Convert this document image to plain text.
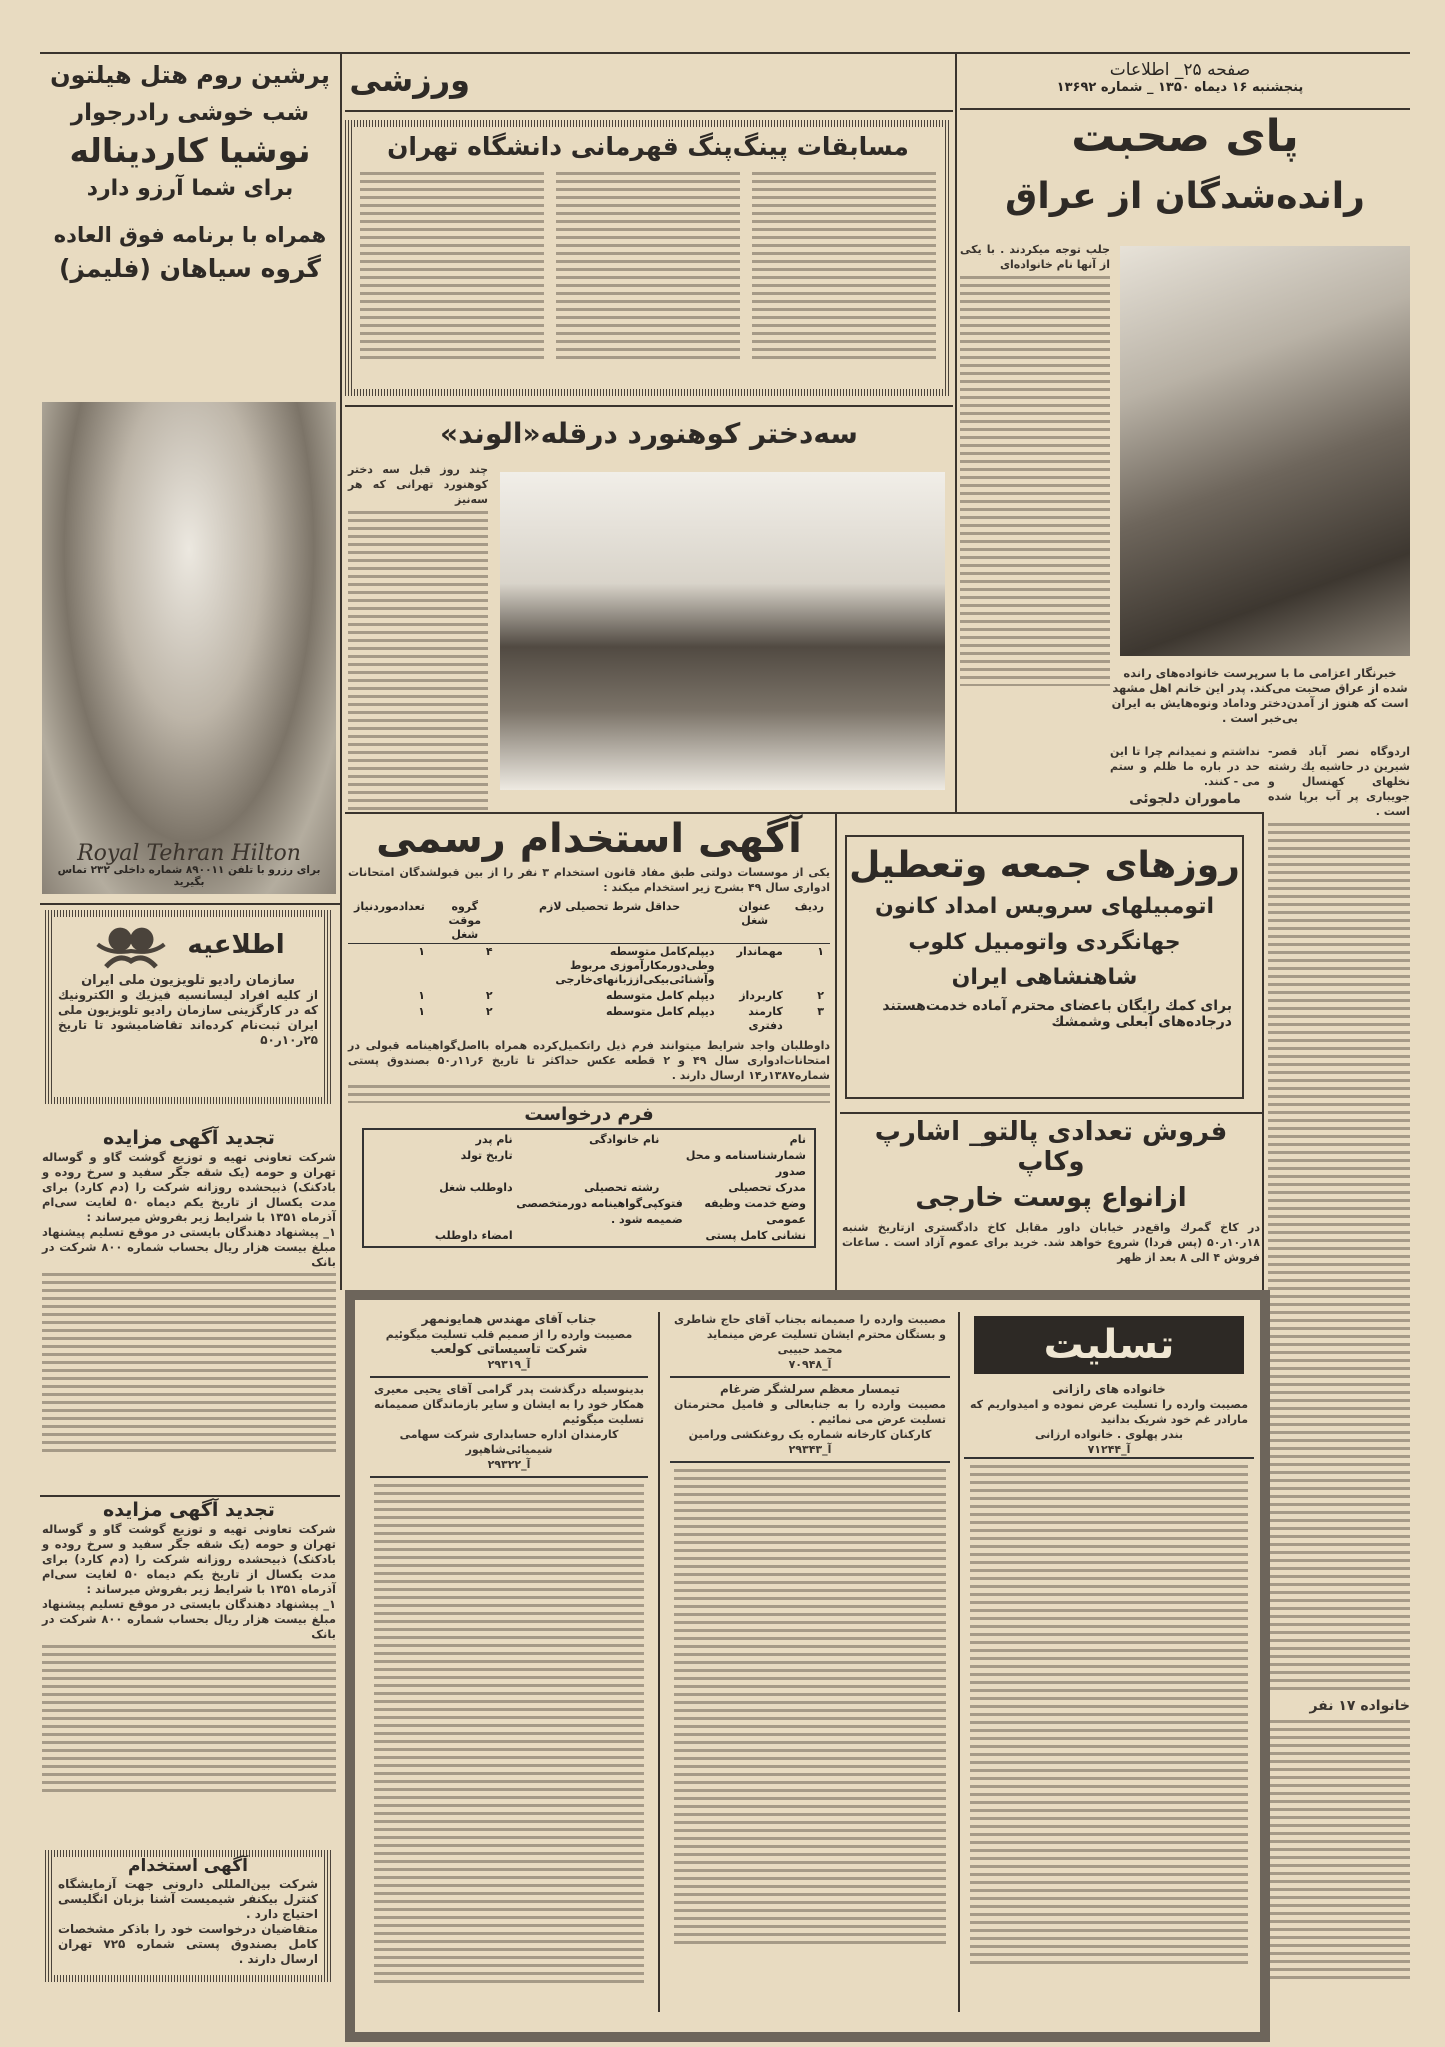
صفحه ۲۵_ اطلاعات
پنجشنبه ۱۶ دیماه ۱۳۵۰ _ شماره ۱۳۶۹۲
پای صحبت
رانده‌شدگان از عراق
جلب توجه میکردند . با یکی از آنها نام خانواده‌ای
خبرنگار اعزامی ما با سرپرست خانواده‌های رانده شده از عراق صحبت می‌کند. پدر این خانم اهل مشهد است که هنوز از آمدن‌دختر وداماد ونوه‌هایش به ایران بی‌خبر است .
نداشتم و نمیدانم چرا تا این حد در باره ما ظلم و ستم می - کنند.
ماموران دلجوئی
اردوگاه نصر آباد قصر- شیرین در حاشیه یك رشته نخلهای کهنسال و جویباری پر آب برپا شده است .
خانواده ۱۷ نفر
ورزشی
مسابقات پینگ‌پنگ قهرمانی دانشگاه تهران
سه‌دختر کوهنورد درقله«الوند»
چند روز قبل سه دختر کوهنورد تهرانی که هر سه‌نیز
آگهی استخدام رسمی
یکی از موسسات دولتی طبق مفاد قانون استخدام ۳ نفر را از بین قبولشدگان امتحانات ادواری سال ۴۹ بشرح زیر استخدام میکند :
ردیف	عنوان شغل	حداقل شرط تحصیلی لازم	گروه موقت شغل	تعدادموردنیاز
۱	مهماندار	دیپلم‌کامل متوسطه وطی‌دورمکارآموزی مربوط وآشنائی‌بیکی‌اززبانهای‌خارجی	۴	۱
۲	کاربرداز	دیپلم کامل متوسطه	۲	۱
۳	کارمند دفتری	دیپلم کامل متوسطه	۲	۱
داوطلبان واجد شرایط میتوانند فرم ذیل راتکمیل‌کرده همراه بااصل‌گواهینامه قبولی در امتحانات‌ادواری سال ۴۹ و ۲ قطعه عکس حداکثر تا تاریخ ۶ر۱۱ر۵۰ بصندوق پستی شماره۱۳۸۷ر۱۴ ارسال دارند .
فرم درخواست
نام
نام خانوادگی
نام پدر
شمارشناسنامه و محل صدور
تاریخ تولد
مدرک تحصیلی
رشته تحصیلی
داوطلب شغل
وضع خدمت وظیفه عمومی
فتوکپی‌گواهینامه دورمتخصصی ضمیمه شود .
نشانی کامل پستی
امضاء داوطلب
روزهای جمعه وتعطیل
اتومبیلهای سرویس امداد کانون
جهانگردی واتومبیل کلوب
شاهنشاهی ایران
برای کمك رایگان باعضای محترم آماده خدمت‌هستند درجاده‌های آبعلی وشمشك
فروش تعدادی پالتو_ اشارپ وکاپ
ازانواع پوست خارجی
در کاخ گمرك واقع‌در خیابان داور مقابل کاخ دادگستری ازتاریخ شنبه ۱۸ر۱۰ر۵۰ (پس فردا) شروع خواهد شد. خرید برای عموم آزاد است . ساعات فروش ۴ الی ۸ بعد از ظهر
پرشین روم هتل هیلتون
شب خوشی رادرجوار
نوشیا کاردیناله
برای شما آرزو دارد
همراه با برنامه فوق العاده
گروه سیاهان (فلیمز)
Royal Tehran Hilton
برای رزرو با تلفن ۸۹۰۰۱۱ شماره داخلی ۲۳۲ تماس بگیرید
اطلاعیه
سازمان رادیو تلویزیون ملی ایران
از کلیه افراد لیسانسیه فیزیك و الکترونیك که در کارگزینی سازمان رادیو تلویزیون ملی ایران ثبت‌نام کرده‌اند تقاضامیشود تا تاریخ ۲۵ر۱۰ر۵۰
تجدید آگهی مزایده
شرکت تعاونی تهیه و توزیع گوشت گاو و گوساله تهران و حومه (یک شقه جگر سفید و سرخ روده و بادکنک) ذبیحشده روزانه شرکت را (دم کارد) برای مدت یکسال از تاریخ یکم دیماه ۵۰ لغایت سی‌ام آذرماه ۱۳۵۱ با شرایط زیر بفروش میرساند :
۱_ پیشنهاد دهندگان بایستی در موقع تسلیم پیشنهاد مبلغ بیست هزار ریال بحساب شماره ۸۰۰ شرکت در بانک
تجدید آگهی مزایده
شرکت تعاونی تهیه و توزیع گوشت گاو و گوساله تهران و حومه (یک شقه جگر سفید و سرخ روده و بادکنک) ذبیحشده روزانه شرکت را (دم کارد) برای مدت یکسال از تاریخ یکم دیماه ۵۰ لغایت سی‌ام آذرماه ۱۳۵۱ با شرایط زیر بفروش میرساند :
۱_ پیشنهاد دهندگان بایستی در موقع تسلیم پیشنهاد مبلغ بیست هزار ریال بحساب شماره ۸۰۰ شرکت در بانک
آگهی استخدام
شرکت بین‌المللی دارونی جهت آزمایشگاه کنترل بیکنفر شیمیست آشنا بزبان انگلیسی احتیاج دارد .
متقاضیان درخواست خود را باذکر مشخصات کامل بصندوق پستی شماره ۷۲۵ تهران ارسال دارند .
تسلیت
خانواده های رازانی
مصیبت وارده را تسلیت عرض نموده و امیدواریم که مارادر غم خود شریک بدانید
بندر پهلوی . خانواده ارزانی
آ_۷۱۲۴۴
مصیبت وارده را صمیمانه بجناب آقای حاج شاطری و بستگان محترم ایشان تسلیت عرض مینماید
محمد حبیبی
آ_۷۰۹۴۸
تیمسار معظم سرلشگر ضرغام
مصیبت وارده را به جنابعالی و فامیل محترمتان تسلیت عرض می نمائیم .
کارکنان کارخانه شماره یک روغنکشی ورامین
آ_۲۹۳۴۳
جناب آقای مهندس همایونمهر
مصیبت وارده را از صمیم قلب تسلیت میگوئیم
شرکت تاسیساتی کولعب
آ_۲۹۳۱۹
بدینوسیله درگذشت پدر گرامی آقای یحیی معیری همکار خود را به ایشان و سایر بازماندگان صمیمانه تسلیت میگوئیم
کارمندان اداره حسابداری شرکت سهامی شیمیائی‌شاهپور
آ_۲۹۳۲۲
